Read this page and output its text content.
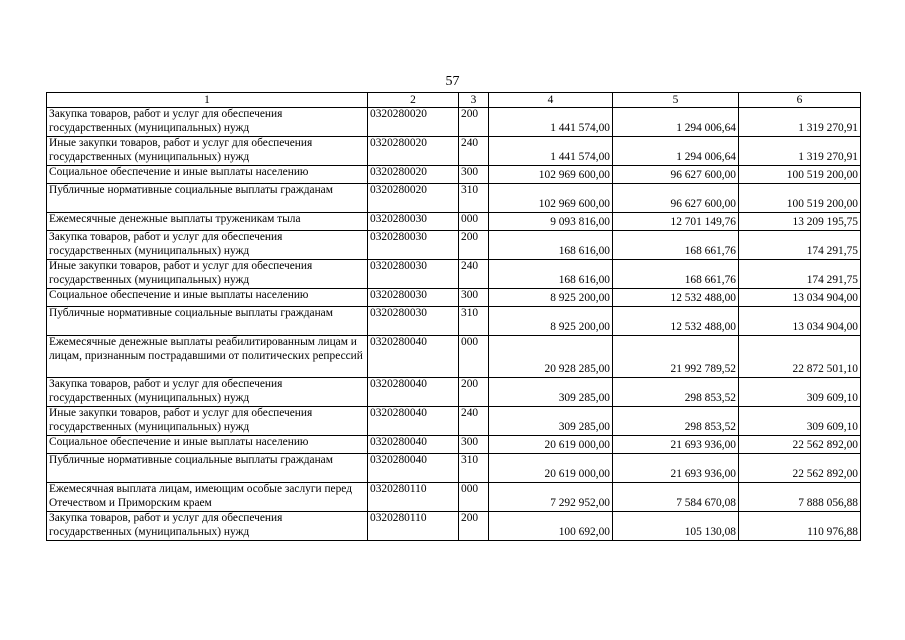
57
1	2	3	4	5	6
Закупка товаров, работ и услуг для обеспечения государственных (муниципальных) нужд	0320280020	200	1 441 574,00	1 294 006,64	1 319 270,91
Иные закупки товаров, работ и услуг для обеспечения государственных (муниципальных) нужд	0320280020	240	1 441 574,00	1 294 006,64	1 319 270,91
Социальное обеспечение и иные выплаты населению	0320280020	300	102 969 600,00	96 627 600,00	100 519 200,00
Публичные нормативные социальные выплаты гражданам	0320280020	310	102 969 600,00	96 627 600,00	100 519 200,00
Ежемесячные денежные выплаты труженикам тыла	0320280030	000	9 093 816,00	12 701 149,76	13 209 195,75
Закупка товаров, работ и услуг для обеспечения государственных (муниципальных) нужд	0320280030	200	168 616,00	168 661,76	174 291,75
Иные закупки товаров, работ и услуг для обеспечения государственных (муниципальных) нужд	0320280030	240	168 616,00	168 661,76	174 291,75
Социальное обеспечение и иные выплаты населению	0320280030	300	8 925 200,00	12 532 488,00	13 034 904,00
Публичные нормативные социальные выплаты гражданам	0320280030	310	8 925 200,00	12 532 488,00	13 034 904,00
Ежемесячные денежные выплаты реабилитированным лицам и лицам, признанным пострадавшими от политических репрессий	0320280040	000	20 928 285,00	21 992 789,52	22 872 501,10
Закупка товаров, работ и услуг для обеспечения государственных (муниципальных) нужд	0320280040	200	309 285,00	298 853,52	309 609,10
Иные закупки товаров, работ и услуг для обеспечения государственных (муниципальных) нужд	0320280040	240	309 285,00	298 853,52	309 609,10
Социальное обеспечение и иные выплаты населению	0320280040	300	20 619 000,00	21 693 936,00	22 562 892,00
Публичные нормативные социальные выплаты гражданам	0320280040	310	20 619 000,00	21 693 936,00	22 562 892,00
Ежемесячная выплата лицам, имеющим особые заслуги перед Отечеством и Приморским краем	0320280110	000	7 292 952,00	7 584 670,08	7 888 056,88
Закупка товаров, работ и услуг для обеспечения государственных (муниципальных) нужд	0320280110	200	100 692,00	105 130,08	110 976,88
